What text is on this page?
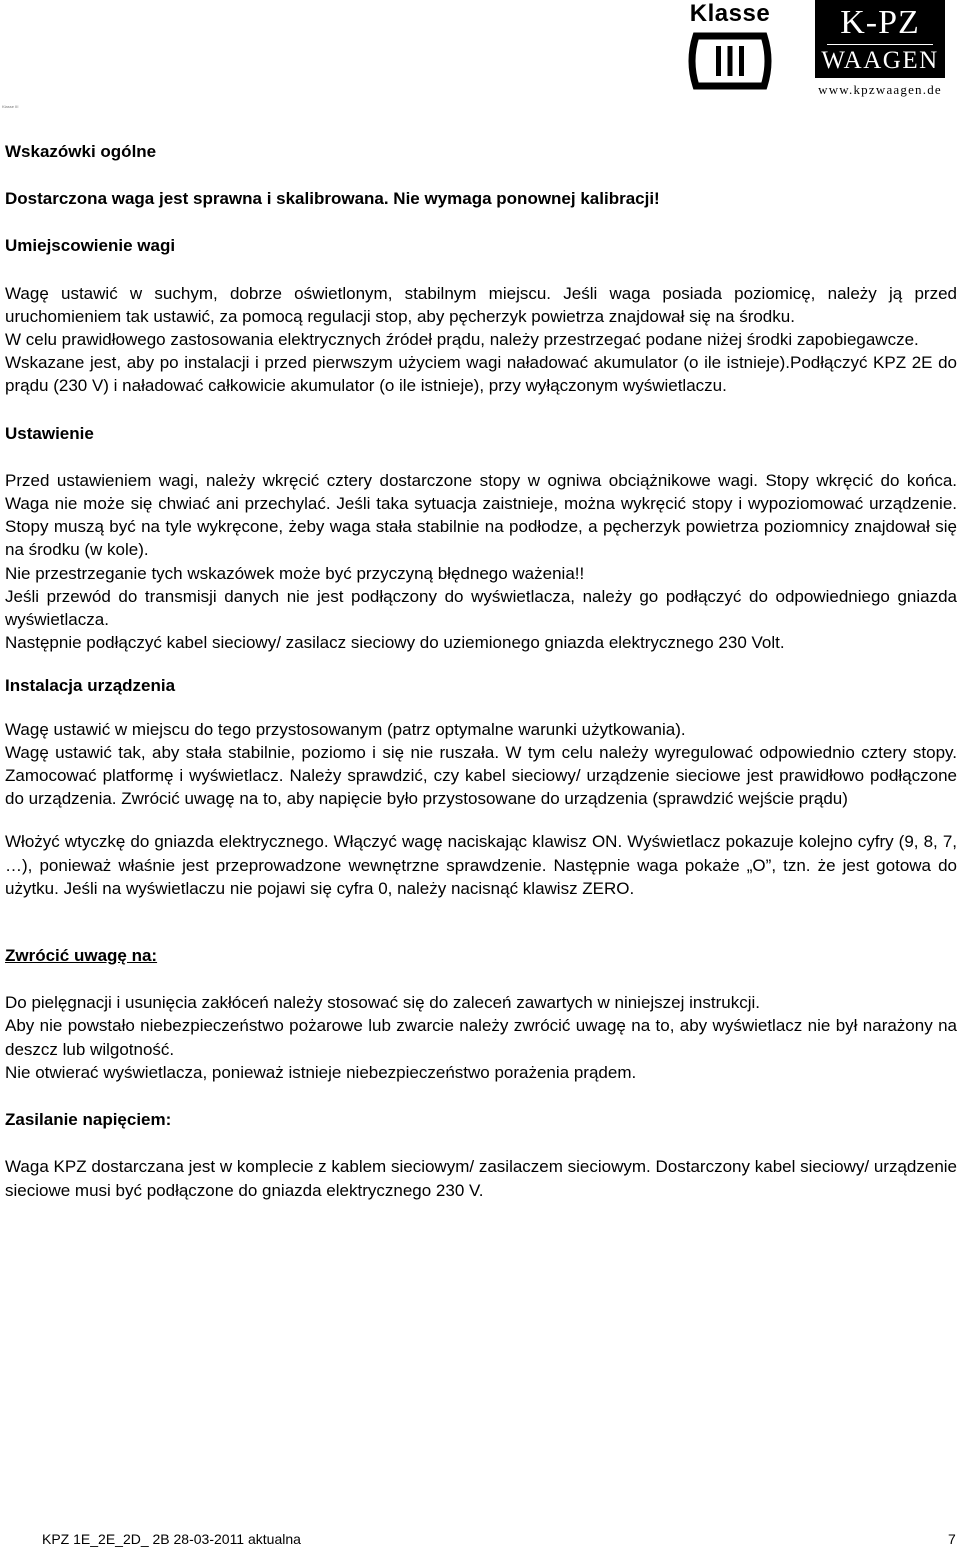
Klasse	K-PZ
WAAGEN
www.kpzwaagen.de
Klasse III

Wskazówki ogólne

Dostarczona waga jest sprawna i skalibrowana. Nie wymaga ponownej kalibracji!

Umiejscowienie wagi

Wagę ustawić w suchym, dobrze oświetlonym, stabilnym miejscu. Jeśli waga posiada poziomicę, należy ją przed uruchomieniem tak ustawić, za pomocą regulacji stop, aby pęcherzyk powietrza znajdował się na środku.

W celu prawidłowego zastosowania elektrycznych źródeł prądu, należy przestrzegać podane niżej środki zapobiegawcze.

Wskazane jest, aby po instalacji i przed pierwszym użyciem wagi naładować akumulator (o ile istnieje).Podłączyć KPZ 2E do prądu (230 V) i naładować całkowicie akumulator (o ile istnieje), przy wyłączonym wyświetlaczu.

Ustawienie

Przed ustawieniem wagi, należy wkręcić cztery dostarczone stopy w ogniwa obciążnikowe wagi. Stopy wkręcić do końca. Waga nie może się chwiać ani przechylać. Jeśli taka sytuacja zaistnieje, można wykręcić stopy i wypoziomować urządzenie. Stopy muszą być na tyle wykręcone, żeby waga stała stabilnie na podłodze, a pęcherzyk powietrza poziomnicy znajdował się na środku (w kole).

Nie przestrzeganie tych wskazówek może być przyczyną błędnego ważenia!!

Jeśli przewód do transmisji danych nie jest podłączony do wyświetlacza, należy go podłączyć do odpowiedniego gniazda wyświetlacza.

Następnie podłączyć kabel sieciowy/ zasilacz sieciowy do uziemionego gniazda elektrycznego 230 Volt.

Instalacja urządzenia

Wagę ustawić w miejscu do tego przystosowanym (patrz optymalne warunki użytkowania).

Wagę ustawić tak, aby stała stabilnie, poziomo i się nie ruszała. W tym celu należy wyregulować odpowiednio cztery stopy. Zamocować platformę i wyświetlacz. Należy sprawdzić, czy kabel sieciowy/ urządzenie sieciowe jest prawidłowo podłączone do urządzenia. Zwrócić uwagę na to, aby napięcie było przystosowane do urządzenia (sprawdzić wejście prądu)

Włożyć wtyczkę do gniazda elektrycznego. Włączyć wagę naciskając klawisz ON. Wyświetlacz pokazuje kolejno cyfry (9, 8, 7, …), ponieważ właśnie jest przeprowadzone wewnętrzne sprawdzenie. Następnie waga pokaże „O”, tzn. że jest gotowa do użytku. Jeśli na wyświetlaczu nie pojawi się cyfra 0, należy nacisnąć klawisz ZERO.

Zwrócić uwagę na:

Do pielęgnacji i usunięcia zakłóceń należy stosować się do zaleceń zawartych w niniejszej instrukcji.

Aby nie powstało niebezpieczeństwo pożarowe lub zwarcie należy zwrócić uwagę na to, aby wyświetlacz nie był narażony na deszcz lub wilgotność.

Nie otwierać wyświetlacza, ponieważ istnieje niebezpieczeństwo porażenia prądem.

Zasilanie napięciem:

Waga KPZ dostarczana jest w komplecie z kablem sieciowym/ zasilaczem sieciowym. Dostarczony kabel sieciowy/ urządzenie sieciowe musi być podłączone do gniazda elektrycznego 230 V.

KPZ 1E_2E_2D_ 2B 28-03-2011 aktualna	7
